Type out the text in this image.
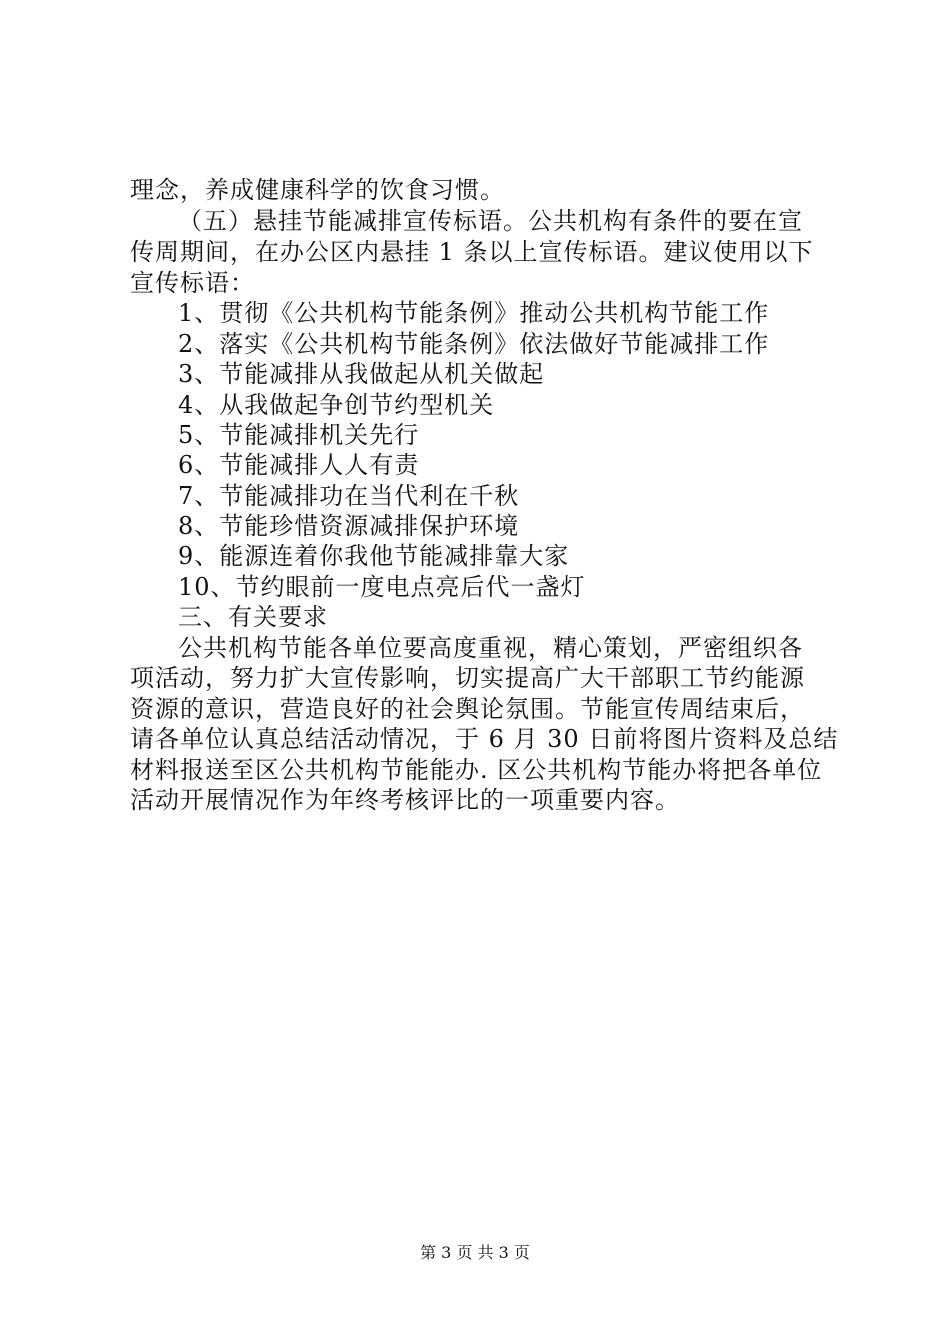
理念，养成健康科学的饮食习惯。
（五）悬挂节能减排宣传标语。公共机构有条件的要在宣
传周期间，在办公区内悬挂 1 条以上宣传标语。建议使用以下
宣传标语：
1、贯彻《公共机构节能条例》推动公共机构节能工作
2、落实《公共机构节能条例》依法做好节能减排工作
3、节能减排从我做起从机关做起
4、从我做起争创节约型机关
5、节能减排机关先行
6、节能减排人人有责
7、节能减排功在当代利在千秋
8、节能珍惜资源减排保护环境
9、能源连着你我他节能减排靠大家
10、节约眼前一度电点亮后代一盏灯
三、有关要求
公共机构节能各单位要高度重视，精心策划，严密组织各
项活动，努力扩大宣传影响，切实提高广大干部职工节约能源
资源的意识，营造良好的社会舆论氛围。节能宣传周结束后，
请各单位认真总结活动情况，于 6 月 30 日前将图片资料及总结
材料报送至区公共机构节能能办. 区公共机构节能办将把各单位
活动开展情况作为年终考核评比的一项重要内容。
第 3 页 共 3 页
